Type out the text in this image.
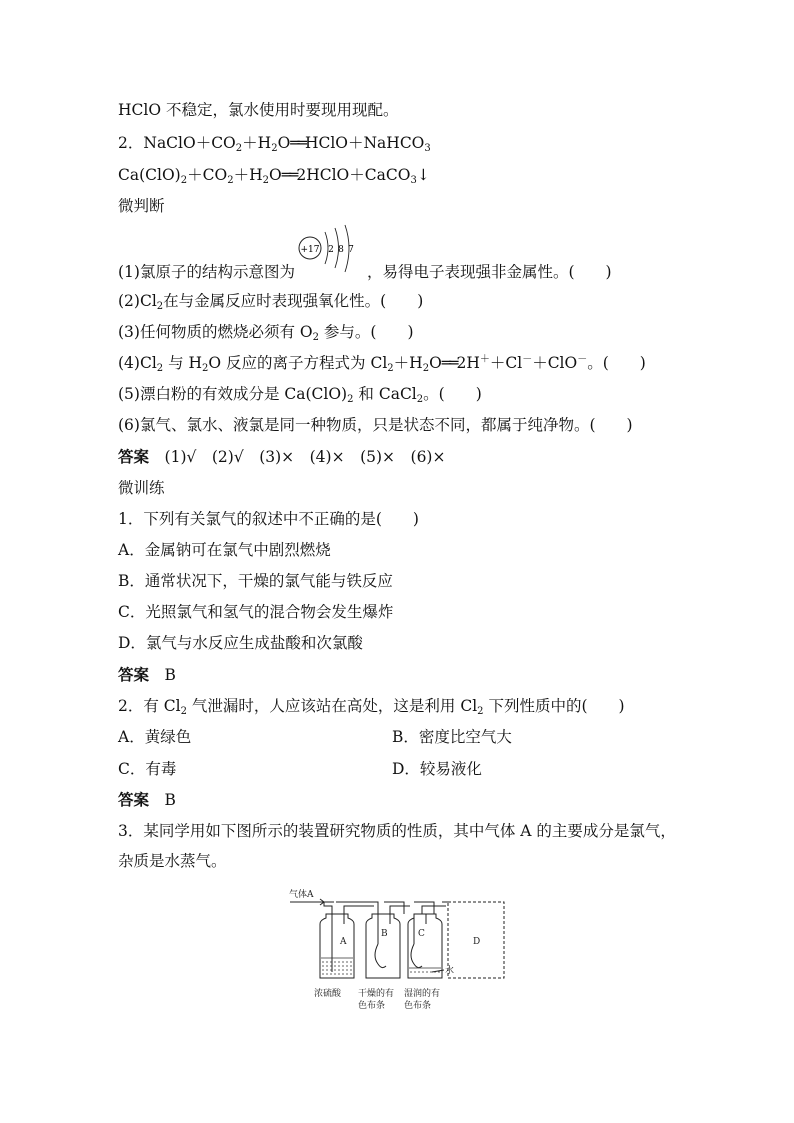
HClO 不稳定，氯水使用时要现用现配。
2．$NaClO+CO_2+H_2O══HClO+NaHCO_3$
$Ca(ClO)_2+CO_2+H_2O══2HClO+CaCO_3↓$
微判断
+17 2 8 7
(1)氯原子的结构示意图为	，易得电子表现强非金属性。(　　)
$(2)Cl_2$在与金属反应时表现强氧化性。(　　)
(3)任何物质的燃烧必须有 $O_2$ 参与。(　　)
$(4)Cl_2$ 与 $H_2O$ 反应的离子方程式为 $Cl_2+H_2O══2H^++Cl^-+ClO^-$。(　　)
(5)漂白粉的有效成分是 $Ca(ClO)_2$ 和 CaCl$_2$。(　　)
(6)氯气、氯水、液氯是同一种物质，只是状态不同，都属于纯净物。(　　)
答案　 (1)√　(2)√　(3)×　(4)×　(5)×　(6)×
微训练
1．下列有关氯气的叙述中不正确的是(　　)
A．金属钠可在氯气中剧烈燃烧
B．通常状况下，干燥的氯气能与铁反应
C．光照氯气和氢气的混合物会发生爆炸
D．氯气与水反应生成盐酸和次氯酸
答案　 B
2．有 $Cl_2$ 气泄漏时，人应该站在高处，这是利用 $Cl_2$ 下列性质中的(　　)
A．黄绿色	B．密度比空气大
C．有毒	D．较易液化
答案　 B
3．某同学用如下图所示的装置研究物质的性质，其中气体 A 的主要成分是氯气，
杂质是水蒸气。
气体A
A
B	C
D
水
浓硫酸 干燥的有
色布条
湿润的有
色布条
